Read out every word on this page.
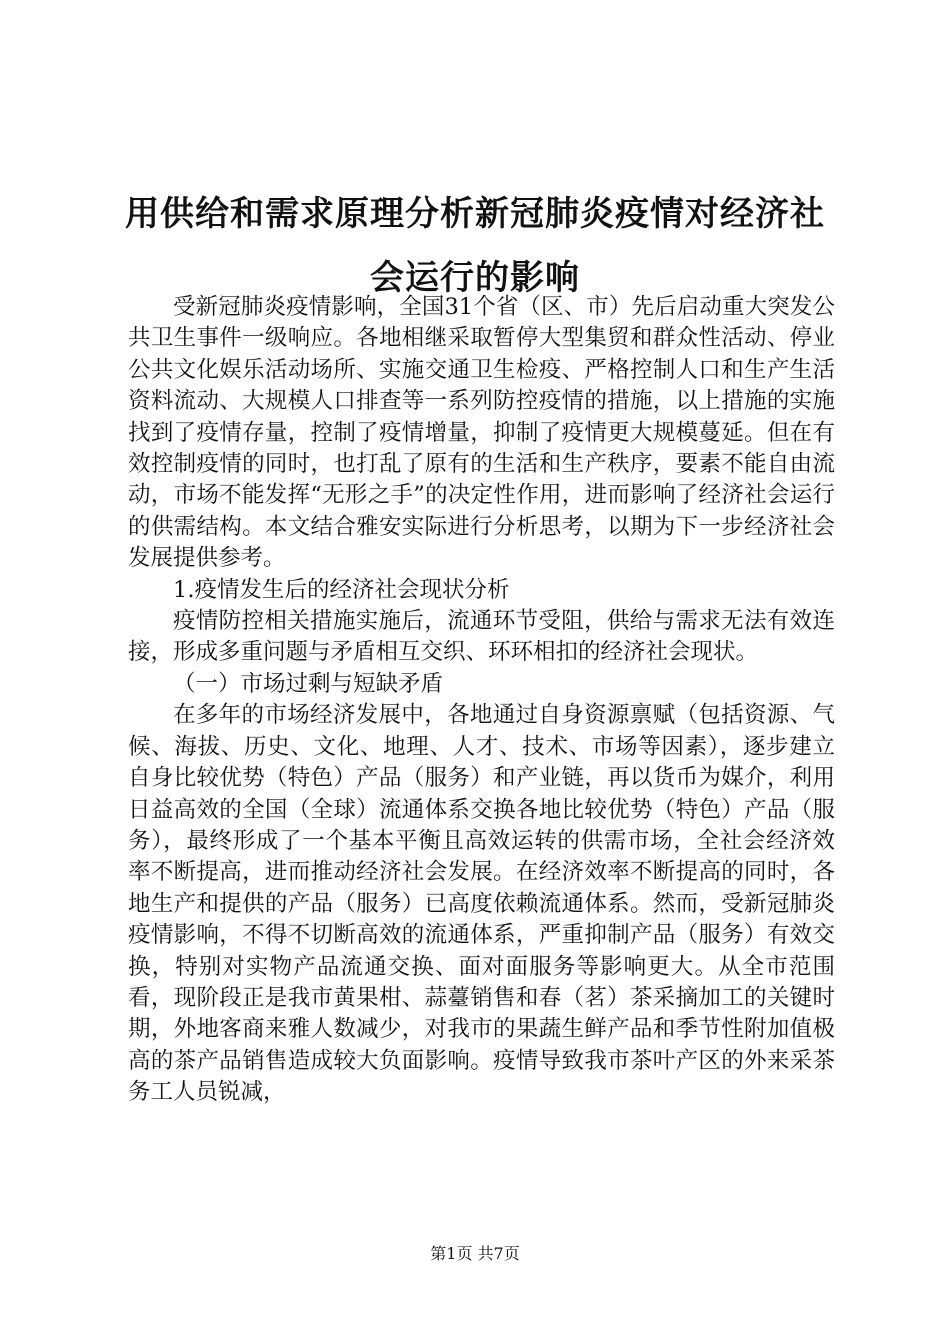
用供给和需求原理分析新冠肺炎疫情对经济社
会运行的影响

受新冠肺炎疫情影响，全国31个省（区、市）先后启动重大突发公共卫生事件一级响应。各地相继采取暂停大型集贸和群众性活动、停业公共文化娱乐活动场所、实施交通卫生检疫、严格控制人口和生产生活资料流动、大规模人口排查等一系列防控疫情的措施，以上措施的实施找到了疫情存量，控制了疫情增量，抑制了疫情更大规模蔓延。但在有效控制疫情的同时，也打乱了原有的生活和生产秩序，要素不能自由流动，市场不能发挥“无形之手”的决定性作用，进而影响了经济社会运行的供需结构。本文结合雅安实际进行分析思考，以期为下一步经济社会发展提供参考。

1.疫情发生后的经济社会现状分析

疫情防控相关措施实施后，流通环节受阻，供给与需求无法有效连接，形成多重问题与矛盾相互交织、环环相扣的经济社会现状。

（一）市场过剩与短缺矛盾

在多年的市场经济发展中，各地通过自身资源禀赋（包括资源、气候、海拔、历史、文化、地理、人才、技术、市场等因素），逐步建立自身比较优势（特色）产品（服务）和产业链，再以货币为媒介，利用日益高效的全国（全球）流通体系交换各地比较优势（特色）产品（服务），最终形成了一个基本平衡且高效运转的供需市场，全社会经济效率不断提高，进而推动经济社会发展。在经济效率不断提高的同时，各地生产和提供的产品（服务）已高度依赖流通体系。然而，受新冠肺炎疫情影响，不得不切断高效的流通体系，严重抑制产品（服务）有效交换，特别对实物产品流通交换、面对面服务等影响更大。从全市范围看，现阶段正是我市黄果柑、蒜薹销售和春（茗）茶采摘加工的关键时期，外地客商来雅人数减少，对我市的果蔬生鲜产品和季节性附加值极高的茶产品销售造成较大负面影响。疫情导致我市茶叶产区的外来采茶务工人员锐减，

第1页 共7页
